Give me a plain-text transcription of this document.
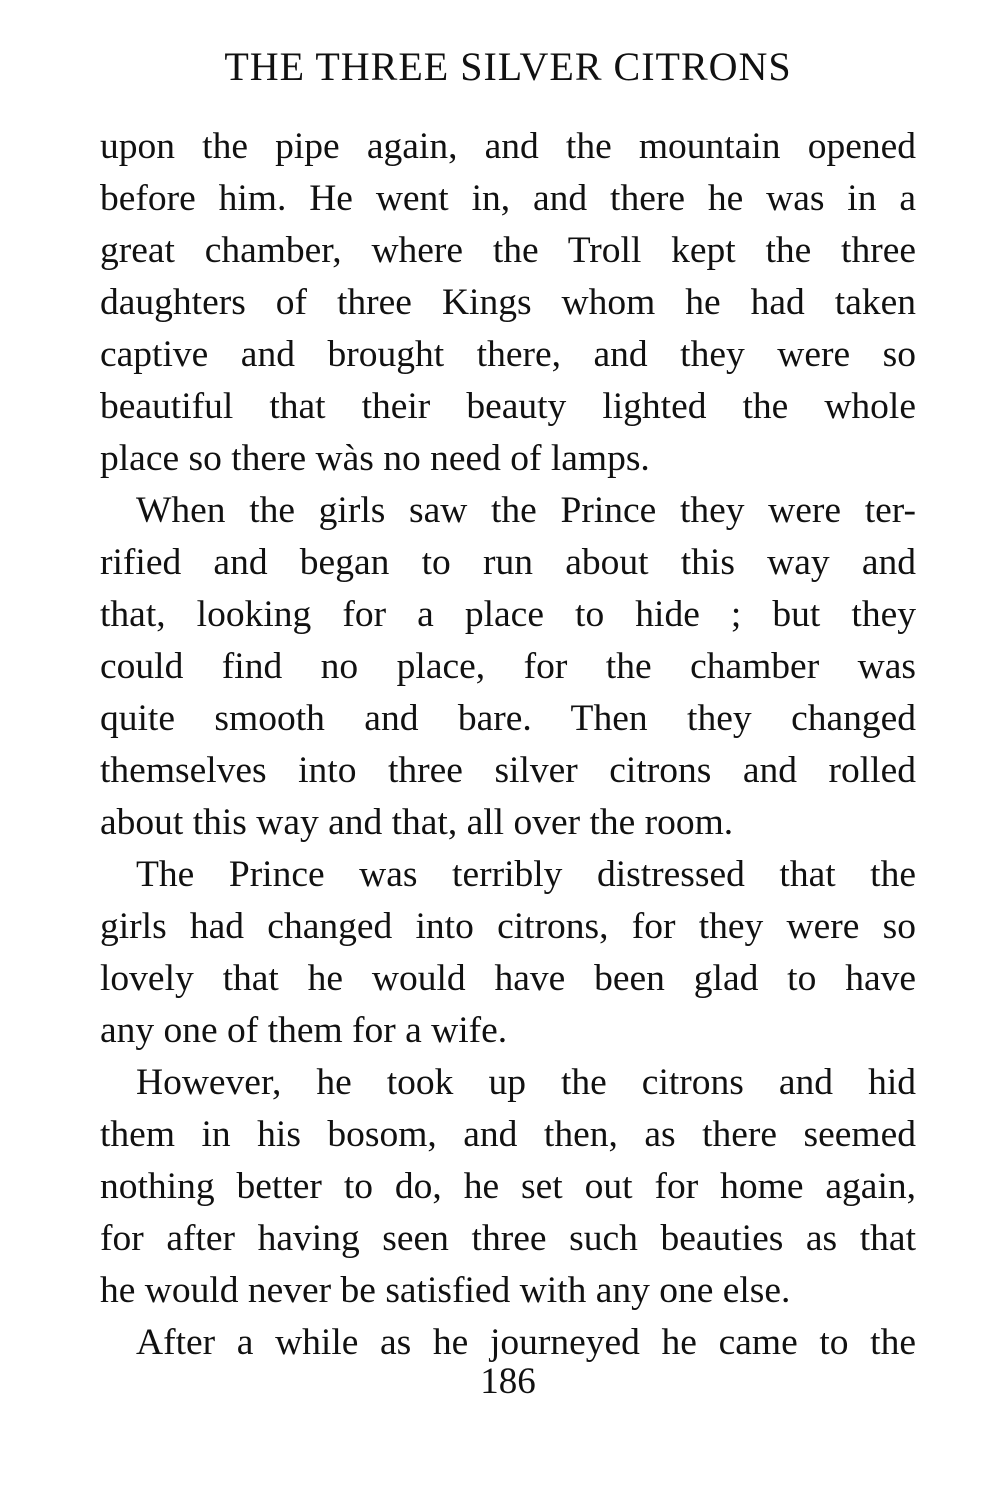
THE THREE SILVER CITRONS
upon the pipe again, and the mountain opened
before him. He went in, and there he was in a
great chamber, where the Troll kept the three
daughters of three Kings whom he had taken
captive and brought there, and they were so
beautiful that their beauty lighted the whole
place so there wàs no need of lamps.
When the girls saw the Prince they were ter-
rified and began to run about this way and
that, looking for a place to hide ; but they
could find no place, for the chamber was
quite smooth and bare. Then they changed
themselves into three silver citrons and rolled
about this way and that, all over the room.
The Prince was terribly distressed that the
girls had changed into citrons, for they were so
lovely that he would have been glad to have
any one of them for a wife.
However, he took up the citrons and hid
them in his bosom, and then, as there seemed
nothing better to do, he set out for home again,
for after having seen three such beauties as that
he would never be satisfied with any one else.
After a while as he journeyed he came to the
186
